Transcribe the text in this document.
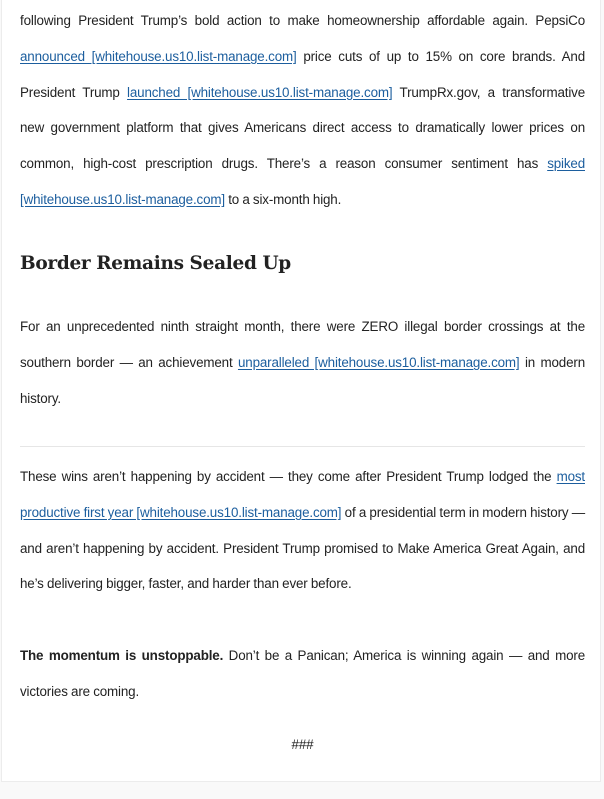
following President Trump’s bold action to make homeownership affordable again. PepsiCo announced [whitehouse.us10.list-manage.com] price cuts of up to 15% on core brands. And President Trump launched [whitehouse.us10.list-manage.com] TrumpRx.gov, a transformative new government platform that gives Americans direct access to dramatically lower prices on common, high-cost prescription drugs. There’s a reason consumer sentiment has spiked [whitehouse.us10.list-manage.com] to a six-month high.

Border Remains Sealed Up

For an unprecedented ninth straight month, there were ZERO illegal border crossings at the southern border — an achievement unparalleled [whitehouse.us10.list-manage.com] in modern history.

These wins aren’t happening by accident — they come after President Trump lodged the most productive first year [whitehouse.us10.list-manage.com] of a presidential term in modern history — and aren’t happening by accident. President Trump promised to Make America Great Again, and he’s delivering bigger, faster, and harder than ever before.

The momentum is unstoppable. Don’t be a Panican; America is winning again — and more victories are coming.

###
